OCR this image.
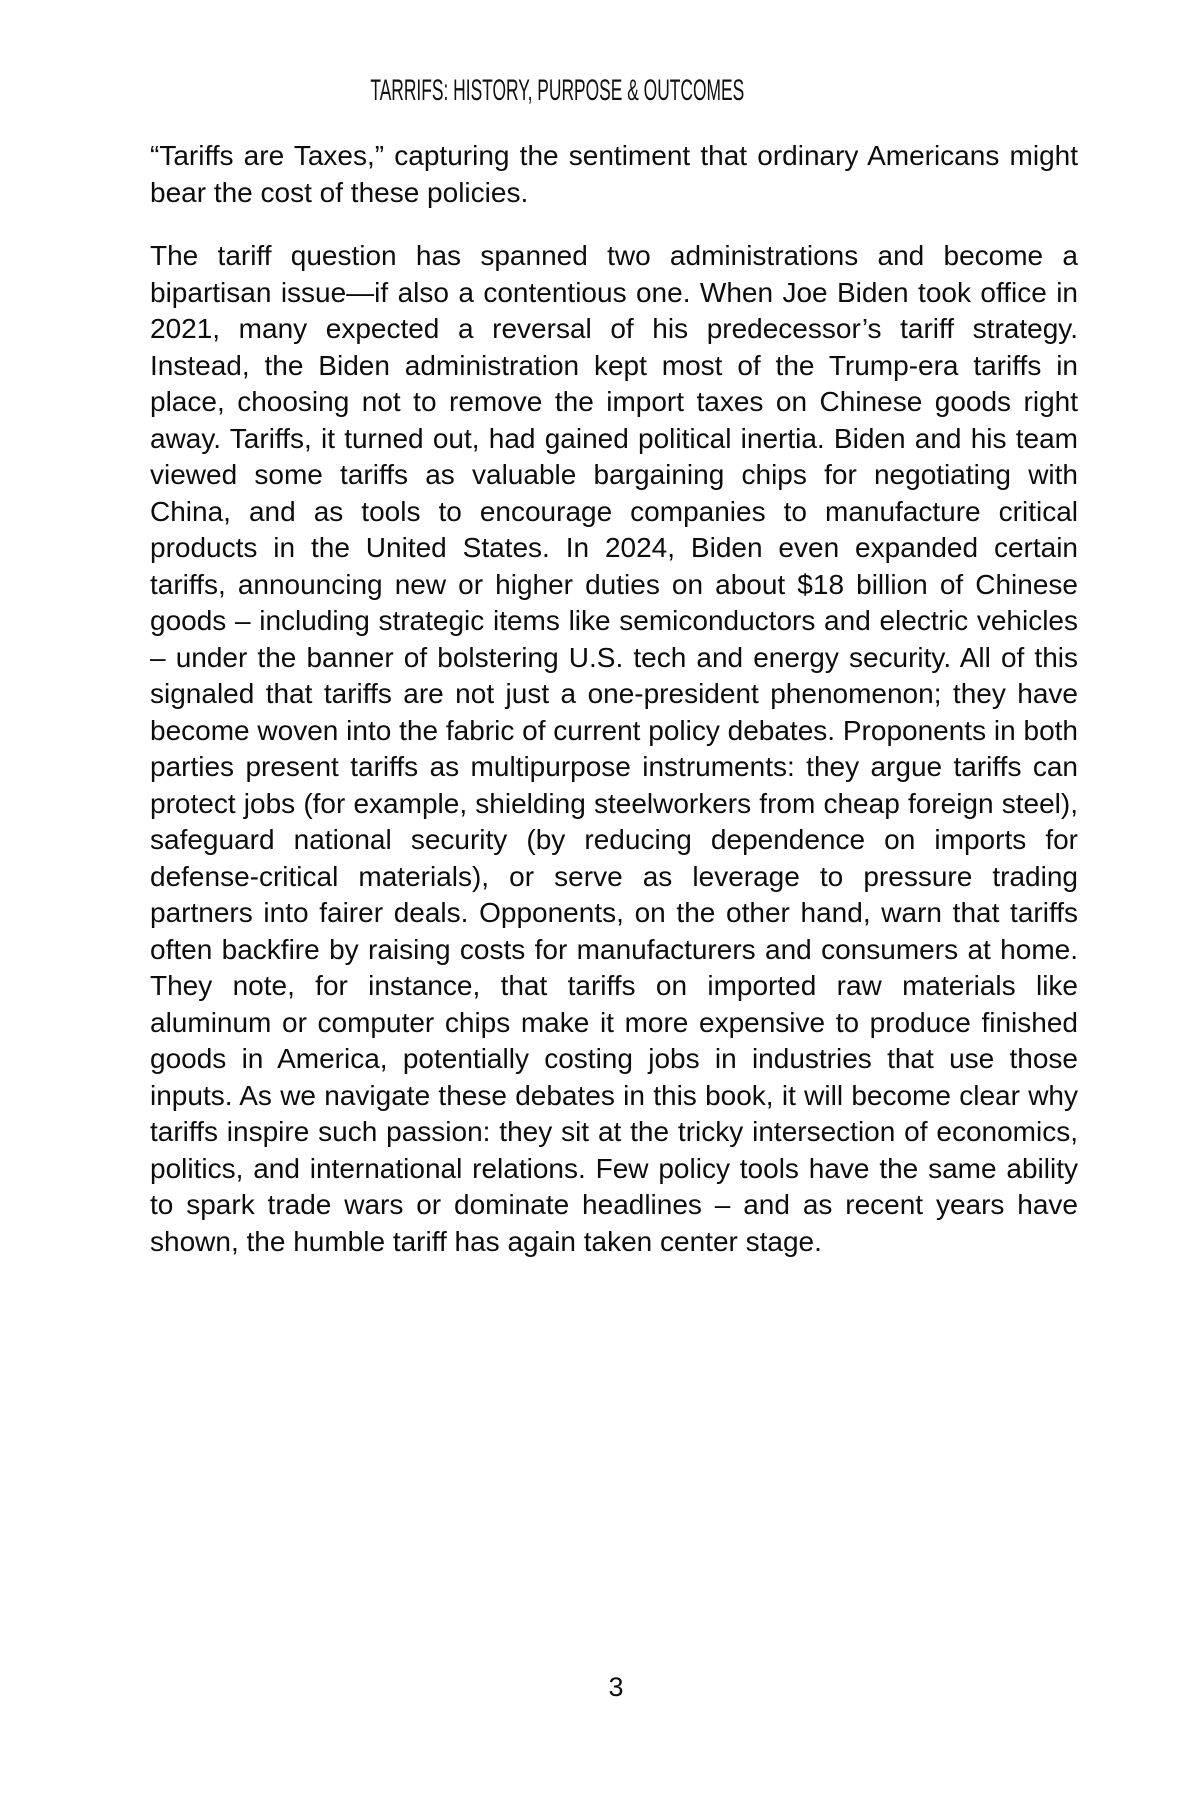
TARRIFS: HISTORY, PURPOSE & OUTCOMES

“Tariffs are Taxes,” capturing the sentiment that ordinary Americans might bear the cost of these policies.

The tariff question has spanned two administrations and become a bipartisan issue—if also a contentious one. When Joe Biden took office in 2021, many expected a reversal of his predecessor’s tariff strategy. Instead, the Biden administration kept most of the Trump-era tariffs in place, choosing not to remove the import taxes on Chinese goods right away. Tariffs, it turned out, had gained political inertia. Biden and his team viewed some tariffs as valuable bargaining chips for negotiating with China, and as tools to encourage companies to manufacture critical products in the United States. In 2024, Biden even expanded certain tariffs, announcing new or higher duties on about $18 billion of Chinese goods – including strategic items like semiconductors and electric vehicles – under the banner of bolstering U.S. tech and energy security. All of this signaled that tariffs are not just a one-president phenomenon; they have become woven into the fabric of current policy debates. Proponents in both parties present tariffs as multipurpose instruments: they argue tariffs can protect jobs (for example, shielding steelworkers from cheap foreign steel), safeguard national security (by reducing dependence on imports for defense-critical materials), or serve as leverage to pressure trading partners into fairer deals. Opponents, on the other hand, warn that tariffs often backfire by raising costs for manufacturers and consumers at home. They note, for instance, that tariffs on imported raw materials like aluminum or computer chips make it more expensive to produce finished goods in America, potentially costing jobs in industries that use those inputs. As we navigate these debates in this book, it will become clear why tariffs inspire such passion: they sit at the tricky intersection of economics, politics, and international relations. Few policy tools have the same ability to spark trade wars or dominate headlines – and as recent years have shown, the humble tariff has again taken center stage.

3
